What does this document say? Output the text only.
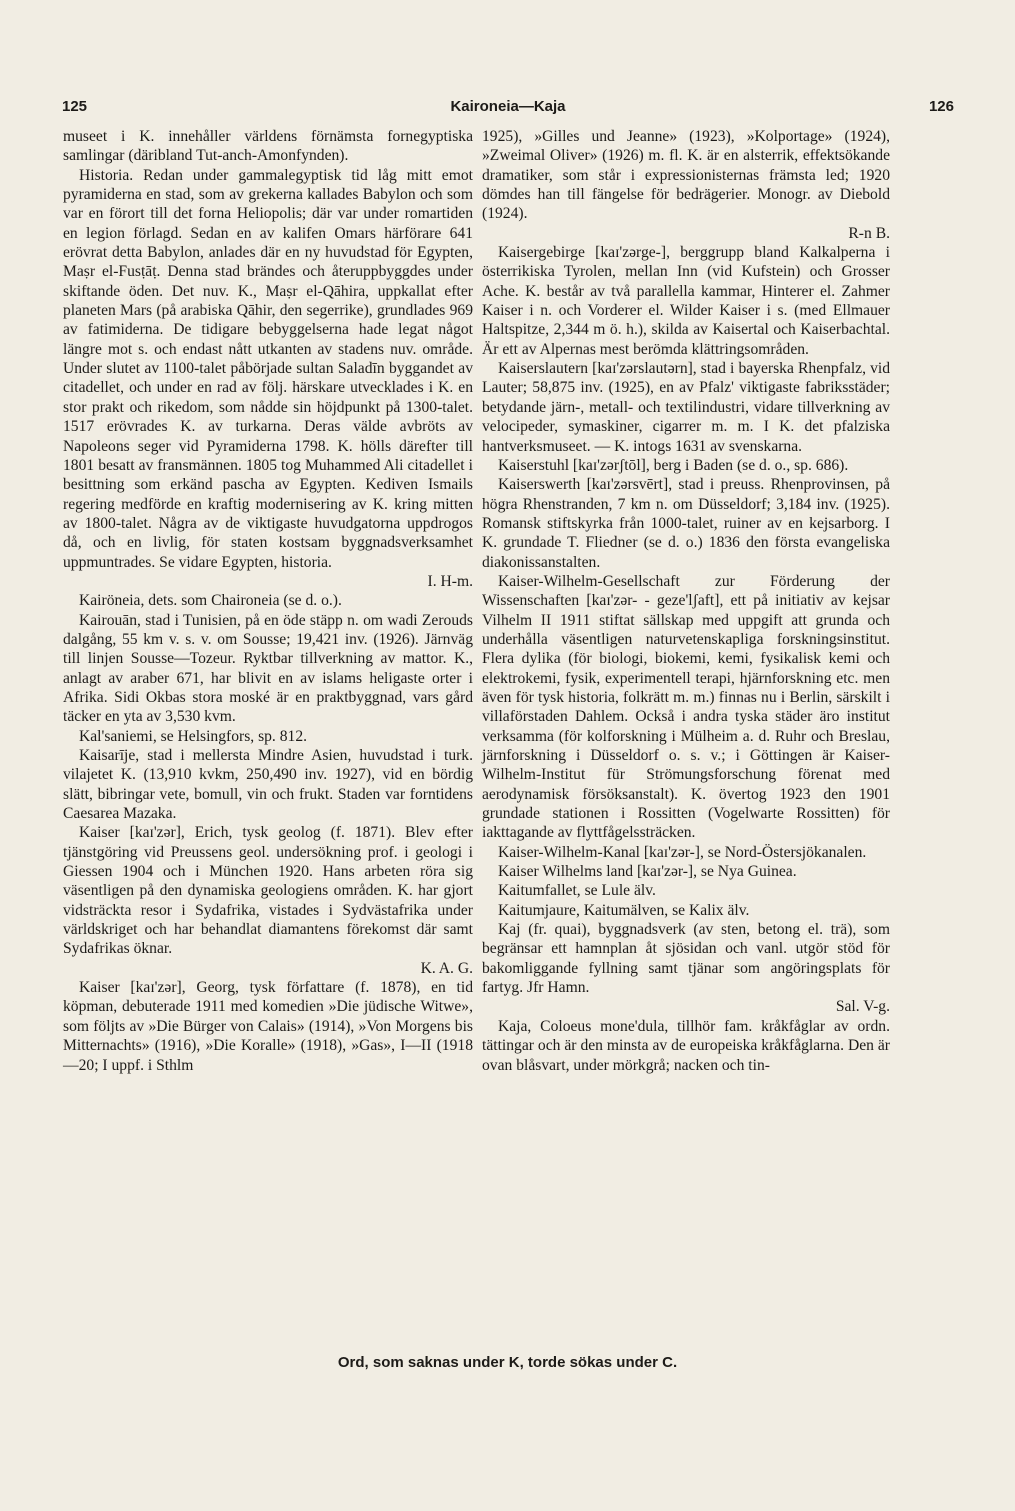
125	Kaironeia—Kaja	126

museet i K. innehåller världens förnämsta fornegyptiska samlingar (däribland Tut-anch-Amonfynden).

Historia. Redan under gammalegyptisk tid låg mitt emot pyramiderna en stad, som av grekerna kallades Babylon och som var en förort till det forna Heliopolis; där var under romartiden en legion förlagd. Sedan en av kalifen Omars härförare 641 erövrat detta Babylon, anlades där en ny huvudstad för Egypten, Maṣr el-Fusṭāṭ. Denna stad brändes och återuppbyggdes under skiftande öden. Det nuv. K., Maṣr el-Qāhira, uppkallat efter planeten Mars (på arabiska Qāhir, den segerrike), grundlades 969 av fatimiderna. De tidigare bebyggelserna hade legat något längre mot s. och endast nått utkanten av stadens nuv. område. Under slutet av 1100-talet påbörjade sultan Saladīn byggandet av citadellet, och under en rad av följ. härskare utvecklades i K. en stor prakt och rikedom, som nådde sin höjdpunkt på 1300-talet. 1517 erövrades K. av turkarna. Deras välde avbröts av Napoleons seger vid Pyramiderna 1798. K. hölls därefter till 1801 besatt av fransmännen. 1805 tog Muhammed Ali citadellet i besittning som erkänd pascha av Egypten. Kediven Ismails regering medförde en kraftig modernisering av K. kring mitten av 1800-talet. Några av de viktigaste huvudgatorna uppdrogos då, och en livlig, för staten kostsam byggnadsverksamhet uppmuntrades. Se vidare Egypten, historia.

I. H-m.

Kairöneia, dets. som Chaironeia (se d. o.).

Kairouān, stad i Tunisien, på en öde stäpp n. om wadi Zerouds dalgång, 55 km v. s. v. om Sousse; 19,421 inv. (1926). Järnväg till linjen Sousse—Tozeur. Ryktbar tillverkning av mattor. K., anlagt av araber 671, har blivit en av islams heligaste orter i Afrika. Sidi Okbas stora moské är en praktbyggnad, vars gård täcker en yta av 3,530 kvm.

Kal'saniemi, se Helsingfors, sp. 812.

Kaisarīje, stad i mellersta Mindre Asien, huvudstad i turk. vilajetet K. (13,910 kvkm, 250,490 inv. 1927), vid en bördig slätt, bibringar vete, bomull, vin och frukt. Staden var forntidens Caesarea Mazaka.

Kaiser [kaɪ'zər], Erich, tysk geolog (f. 1871). Blev efter tjänstgöring vid Preussens geol. undersökning prof. i geologi i Giessen 1904 och i München 1920. Hans arbeten röra sig väsentligen på den dynamiska geologiens områden. K. har gjort vidsträckta resor i Sydafrika, vistades i Sydvästafrika under världskriget och har behandlat diamantens förekomst där samt Sydafrikas öknar.

K. A. G.

Kaiser [kaɪ'zər], Georg, tysk författare (f. 1878), en tid köpman, debuterade 1911 med komedien »Die jüdische Witwe», som följts av »Die Bürger von Calais» (1914), »Von Morgens bis Mitternachts» (1916), »Die Koralle» (1918), »Gas», I—II (1918—20; I uppf. i Sthlm

1925), »Gilles und Jeanne» (1923), »Kolportage» (1924), »Zweimal Oliver» (1926) m. fl. K. är en alsterrik, effektsökande dramatiker, som står i expressionisternas främsta led; 1920 dömdes han till fängelse för bedrägerier. Monogr. av Diebold (1924).

R-n B.

Kaisergebirge [kaɪ'zərge-], berggrupp bland Kalkalperna i österrikiska Tyrolen, mellan Inn (vid Kufstein) och Grosser Ache. K. består av två parallella kammar, Hinterer el. Zahmer Kaiser i n. och Vorderer el. Wilder Kaiser i s. (med Ellmauer Haltspitze, 2,344 m ö. h.), skilda av Kaisertal och Kaiserbachtal. Är ett av Alpernas mest berömda klättringsområden.

Kaiserslautern [kaɪ'zərslautərn], stad i bayerska Rhenpfalz, vid Lauter; 58,875 inv. (1925), en av Pfalz' viktigaste fabriksstäder; betydande järn-, metall- och textilindustri, vidare tillverkning av velocipeder, symaskiner, cigarrer m. m. I K. det pfalziska hantverksmuseet. — K. intogs 1631 av svenskarna.

Kaiserstuhl [kaɪ'zərʃtōl], berg i Baden (se d. o., sp. 686).

Kaiserswerth [kaɪ'zərsvērt], stad i preuss. Rhenprovinsen, på högra Rhenstranden, 7 km n. om Düsseldorf; 3,184 inv. (1925). Romansk stiftskyrka från 1000-talet, ruiner av en kejsarborg. I K. grundade T. Fliedner (se d. o.) 1836 den första evangeliska diakonissanstalten.

Kaiser-Wilhelm-Gesellschaft zur Förderung der Wissenschaften [kaɪ'zər- - geze'lʃaft], ett på initiativ av kejsar Vilhelm II 1911 stiftat sällskap med uppgift att grunda och underhålla väsentligen naturvetenskapliga forskningsinstitut. Flera dylika (för biologi, biokemi, kemi, fysikalisk kemi och elektrokemi, fysik, experimentell terapi, hjärnforskning etc. men även för tysk historia, folkrätt m. m.) finnas nu i Berlin, särskilt i villaförstaden Dahlem. Också i andra tyska städer äro institut verksamma (för kolforskning i Mülheim a. d. Ruhr och Breslau, järnforskning i Düsseldorf o. s. v.; i Göttingen är Kaiser-Wilhelm-Institut für Strömungsforschung förenat med aerodynamisk försöksanstalt). K. övertog 1923 den 1901 grundade stationen i Rossitten (Vogelwarte Rossitten) för iakttagande av flyttfågelssträcken.

Kaiser-Wilhelm-Kanal [kaɪ'zər-], se Nord-Östersjökanalen.

Kaiser Wilhelms land [kaɪ'zər-], se Nya Guinea.

Kaitumfallet, se Lule älv.

Kaitumjaure, Kaitumälven, se Kalix älv.

Kaj (fr. quai), byggnadsverk (av sten, betong el. trä), som begränsar ett hamnplan åt sjösidan och vanl. utgör stöd för bakomliggande fyllning samt tjänar som angöringsplats för fartyg. Jfr Hamn.

Sal. V-g.

Kaja, Coloeus mone'dula, tillhör fam. kråkfåglar av ordn. tättingar och är den minsta av de europeiska kråkfåglarna. Den är ovan blåsvart, under mörkgrå; nacken och tin-

Ord, som saknas under K, torde sökas under C.
